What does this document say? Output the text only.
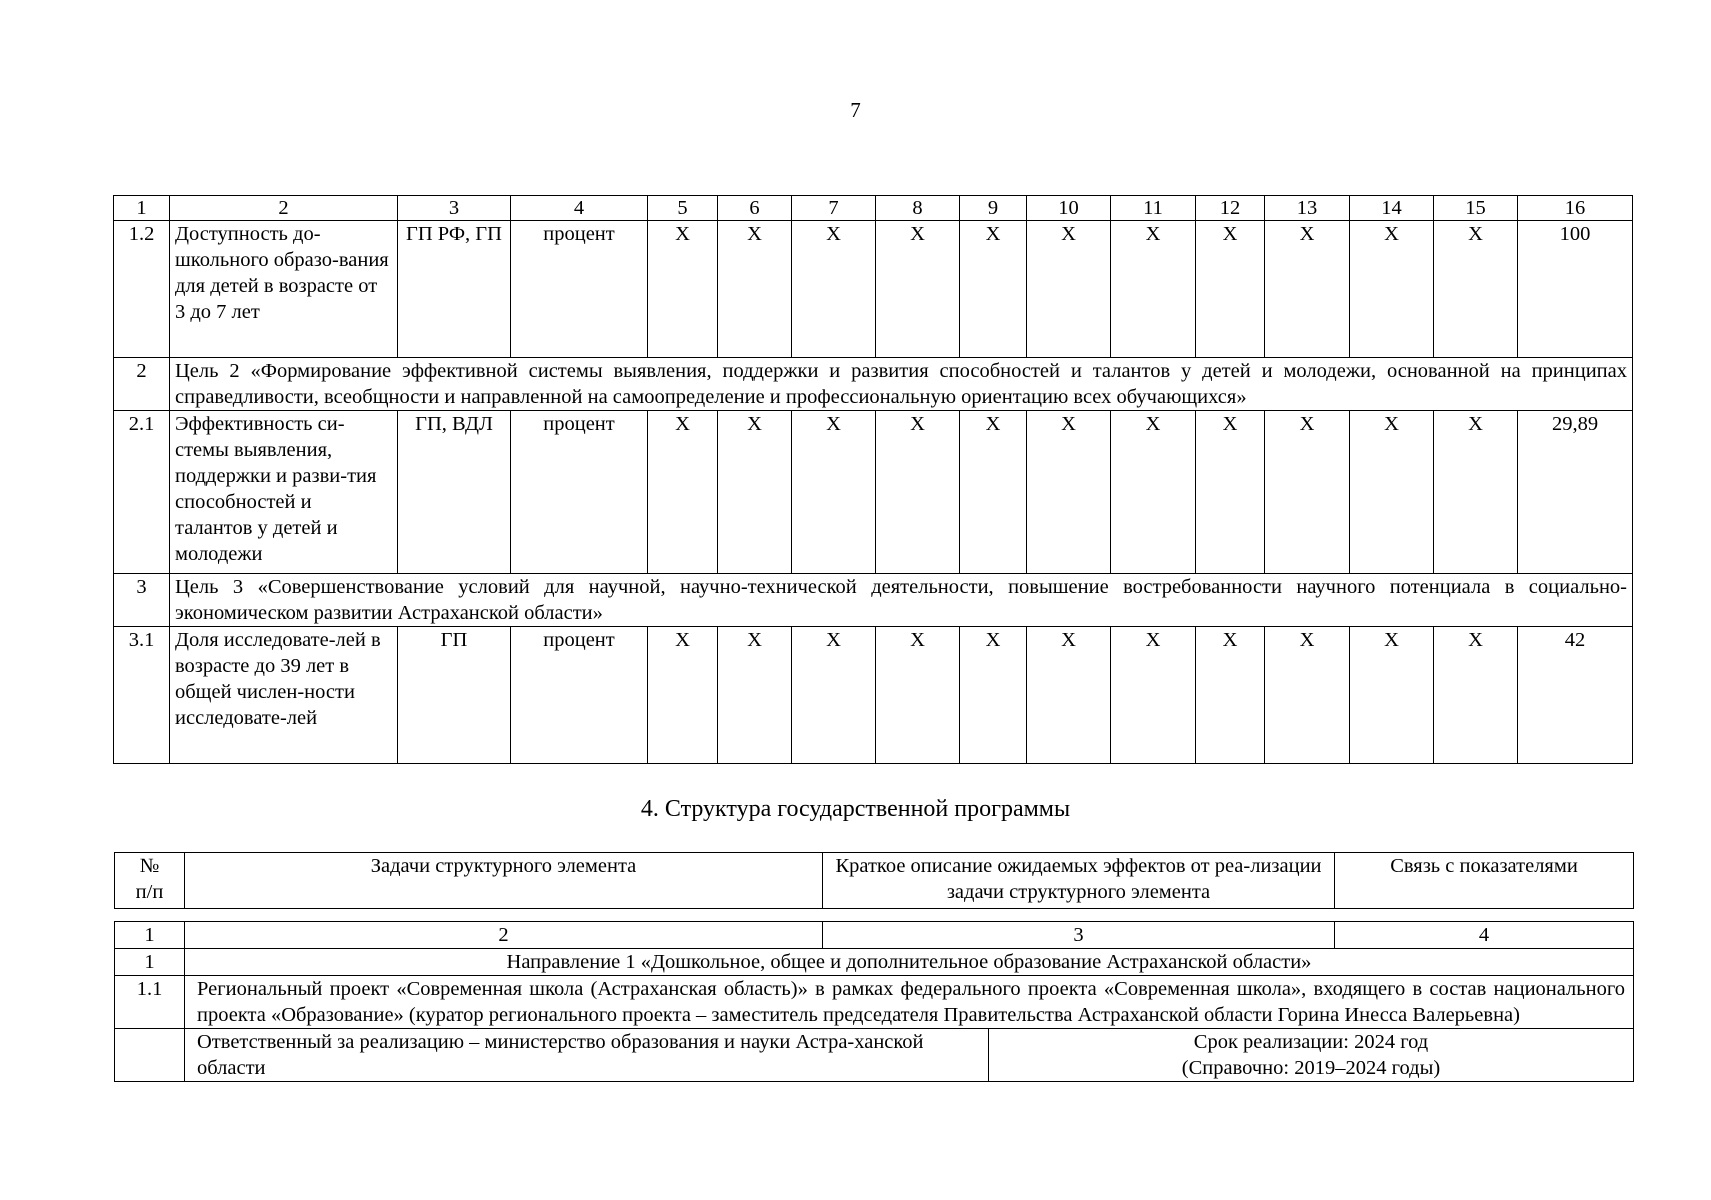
7
1	2	3	4	5	6	7	8	9	10	11	12	13	14	15	16
1.2	Доступность до-школьного образо-вания для детей в возрасте от 3 до 7 лет	ГП РФ, ГП	процент	X	X	X	X	X	X	X	X	X	X	X	100
2	Цель 2 «Формирование эффективной системы выявления, поддержки и развития способностей и талантов у детей и молодежи, основанной на принципах справедливости, всеобщности и направленной на самоопределение и профессиональную ориентацию всех обучающихся»														
2.1	Эффективность си-стемы выявления, поддержки и разви-тия способностей и талантов у детей и молодежи	ГП, ВДЛ	процент	X	X	X	X	X	X	X	X	X	X	X	29,89
3	Цель 3 «Совершенствование условий для научной, научно-технической деятельности, повышение востребованности научного потенциала в социально-экономическом развитии Астраханской области»														
3.1	Доля исследовате-лей в возрасте до 39 лет в общей числен-ности исследовате-лей	ГП	процент	X	X	X	X	X	X	X	X	X	X	X	42
4. Структура государственной программы
№ п/п	Задачи структурного элемента	Краткое описание ожидаемых эффектов от реа-лизации задачи структурного элемента	Связь с показателями
1	2	3		4
1	Направление 1 «Дошкольное, общее и дополнительное образование Астраханской области»			
1.1	Региональный проект «Современная школа (Астраханская область)» в рамках федерального проекта «Современная школа», входящего в состав национального проекта «Образование» (куратор регионального проекта – заместитель председателя Правительства Астраханской области Горина Инесса Валерьевна)			
	Ответственный за реализацию – министерство образования и науки Астра-ханской области		Срок реализации: 2024 год
(Справочно: 2019–2024 годы)	
